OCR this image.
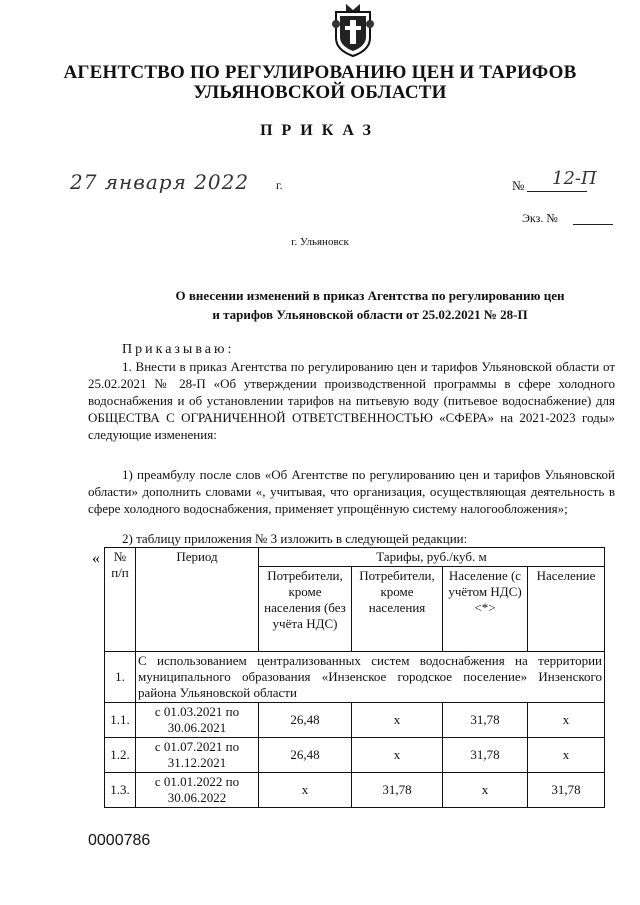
АГЕНТСТВО ПО РЕГУЛИРОВАНИЮ ЦЕН И ТАРИФОВ
УЛЬЯНОВСКОЙ ОБЛАСТИ
ПРИКАЗ
27 января 2022	г.	№ 12-П
Экз. №
г. Ульяновск
О внесении изменений в приказ Агентства по регулированию цен
и тарифов Ульяновской области от 25.02.2021 № 28-П
Приказываю:
1. Внести в приказ Агентства по регулированию цен и тарифов Ульяновской области от 25.02.2021 № 28-П «Об утверждении производственной программы в сфере холодного водоснабжения и об установлении тарифов на питьевую воду (питьевое водоснабжение) для ОБЩЕСТВА С ОГРАНИЧЕННОЙ ОТВЕТСТВЕННОСТЬЮ «СФЕРА» на 2021-2023 годы» следующие изменения:
1) преамбулу после слов «Об Агентстве по регулированию цен и тарифов Ульяновской области» дополнить словами «, учитывая, что организация, осуществляющая деятельность в сфере холодного водоснабжения, применяет упрощённую систему налогообложения»;
2) таблицу приложения № 3 изложить в следующей редакции:
« № п/п	Период	Тарифы, руб./куб. м			
		Потребители, кроме населения (без учёта НДС)	Потребители, кроме населения	Население (с учётом НДС)<*>	Население
1.	С использованием централизованных систем водоснабжения на территории муниципального образования «Инзенское городское поселение» Инзенского района Ульяновской области				
1.1.	с 01.03.2021 по 30.06.2021	26,48	х	31,78	х
1.2.	с 01.07.2021 по 31.12.2021	26,48	х	31,78	х
1.3.	с 01.01.2022 по 30.06.2022	х	31,78	х	31,78
0000786
